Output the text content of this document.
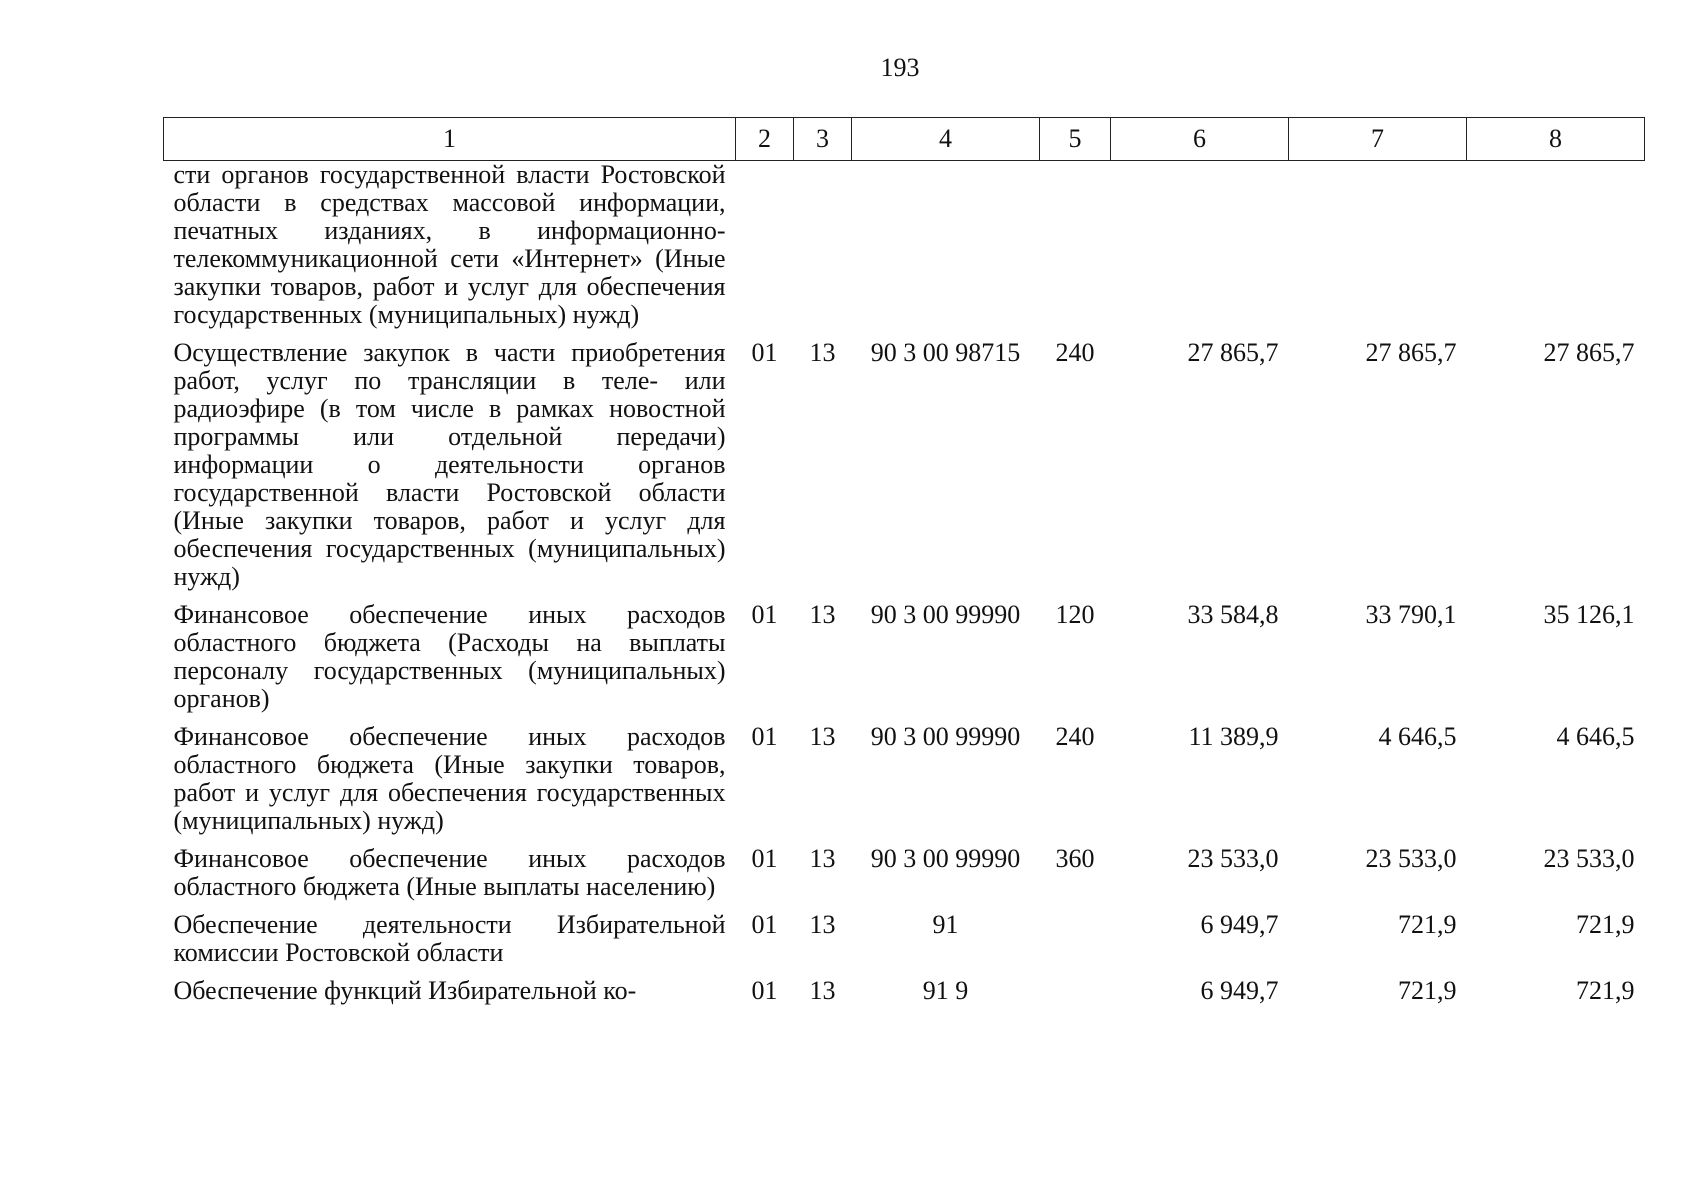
193
1	2	3	4	5	6	7	8
сти органов государственной власти Ростовской области в средствах массовой информации, печатных изданиях, в информационно-телекоммуникационной сети «Интернет» (Иные закупки товаров, работ и услуг для обеспечения государственных (муниципальных) нужд)							
Осуществление закупок в части приобретения работ, услуг по трансляции в теле- или радиоэфире (в том числе в рамках новостной программы или отдельной передачи) информации о деятельности органов государственной власти Ростовской области (Иные закупки товаров, работ и услуг для обеспечения государственных (муниципальных) нужд)	01	13	90 3 00 98715	240	27 865,7	27 865,7	27 865,7
Финансовое обеспечение иных расходов областного бюджета (Расходы на выплаты персоналу государственных (муниципальных) органов)	01	13	90 3 00 99990	120	33 584,8	33 790,1	35 126,1
Финансовое обеспечение иных расходов областного бюджета (Иные закупки товаров, работ и услуг для обеспечения государственных (муниципальных) нужд)	01	13	90 3 00 99990	240	11 389,9	4 646,5	4 646,5
Финансовое обеспечение иных расходов областного бюджета (Иные выплаты населению)	01	13	90 3 00 99990	360	23 533,0	23 533,0	23 533,0
Обеспечение деятельности Избирательной комиссии Ростовской области	01	13	91		6 949,7	721,9	721,9
Обеспечение функций Избирательной ко-	01	13	91 9		6 949,7	721,9	721,9
